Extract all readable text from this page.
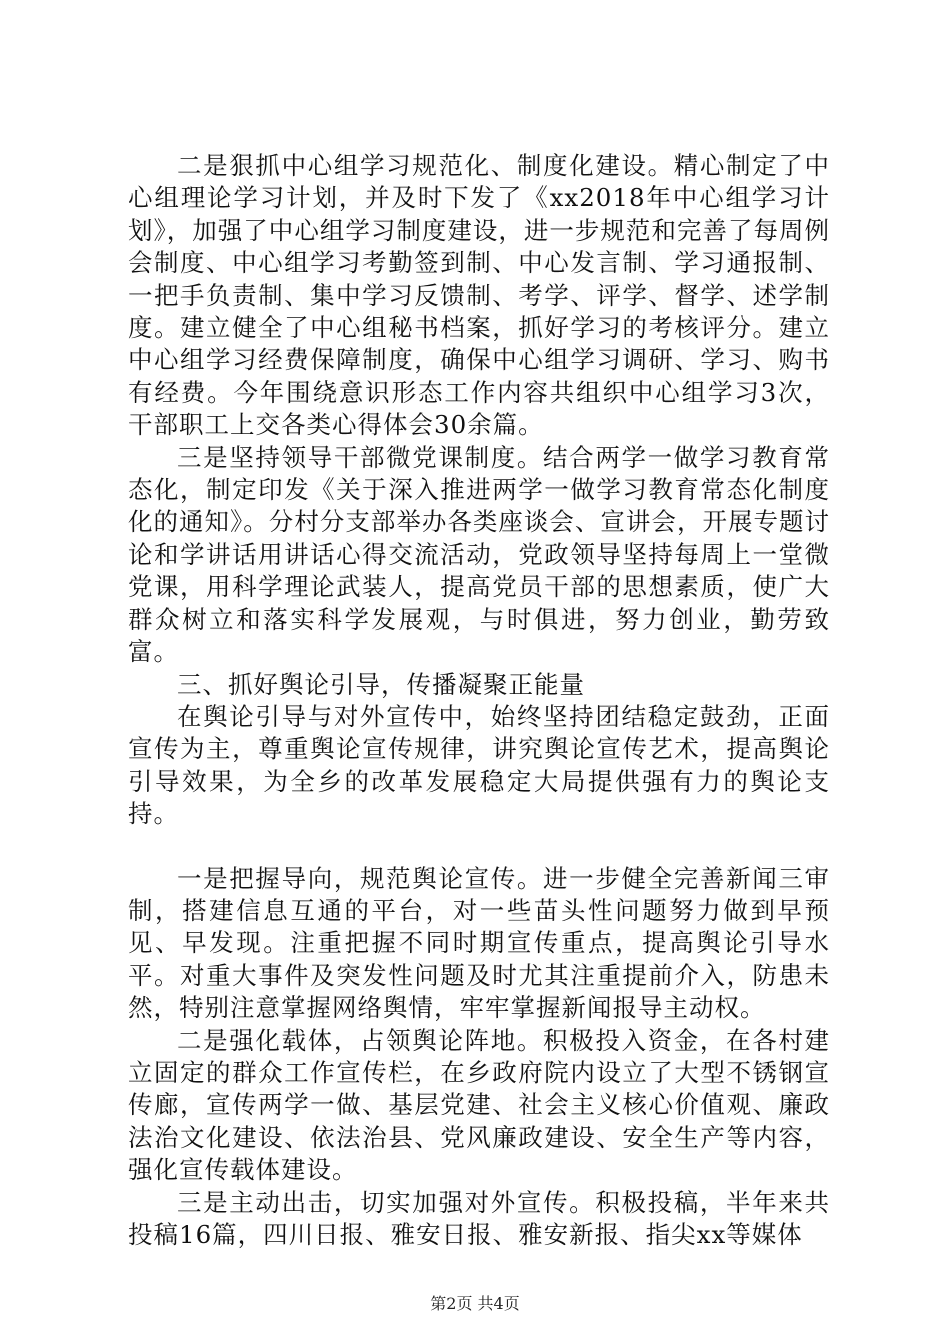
二是狠抓中心组学习规范化、制度化建设。精心制定了中心组理论学习计划，并及时下发了《xx2018年中心组学习计划》，加强了中心组学习制度建设，进一步规范和完善了每周例会制度、中心组学习考勤签到制、中心发言制、学习通报制、一把手负责制、集中学习反馈制、考学、评学、督学、述学制度。建立健全了中心组秘书档案，抓好学习的考核评分。建立中心组学习经费保障制度，确保中心组学习调研、学习、购书有经费。今年围绕意识形态工作内容共组织中心组学习3次，干部职工上交各类心得体会30余篇。

三是坚持领导干部微党课制度。结合两学一做学习教育常态化，制定印发《关于深入推进两学一做学习教育常态化制度化的通知》。分村分支部举办各类座谈会、宣讲会，开展专题讨论和学讲话用讲话心得交流活动，党政领导坚持每周上一堂微党课，用科学理论武装人，提高党员干部的思想素质，使广大群众树立和落实科学发展观，与时俱进，努力创业，勤劳致富。

三、抓好舆论引导，传播凝聚正能量

在舆论引导与对外宣传中，始终坚持团结稳定鼓劲，正面宣传为主，尊重舆论宣传规律，讲究舆论宣传艺术，提高舆论引导效果，为全乡的改革发展稳定大局提供强有力的舆论支持。

一是把握导向，规范舆论宣传。进一步健全完善新闻三审制，搭建信息互通的平台，对一些苗头性问题努力做到早预见、早发现。注重把握不同时期宣传重点，提高舆论引导水平。对重大事件及突发性问题及时尤其注重提前介入，防患未然，特别注意掌握网络舆情，牢牢掌握新闻报导主动权。

二是强化载体，占领舆论阵地。积极投入资金，在各村建立固定的群众工作宣传栏，在乡政府院内设立了大型不锈钢宣传廊，宣传两学一做、基层党建、社会主义核心价值观、廉政法治文化建设、依法治县、党风廉政建设、安全生产等内容，强化宣传载体建设。

三是主动出击，切实加强对外宣传。积极投稿，半年来共投稿16篇，四川日报、雅安日报、雅安新报、指尖xx等媒体

第2页 共4页
